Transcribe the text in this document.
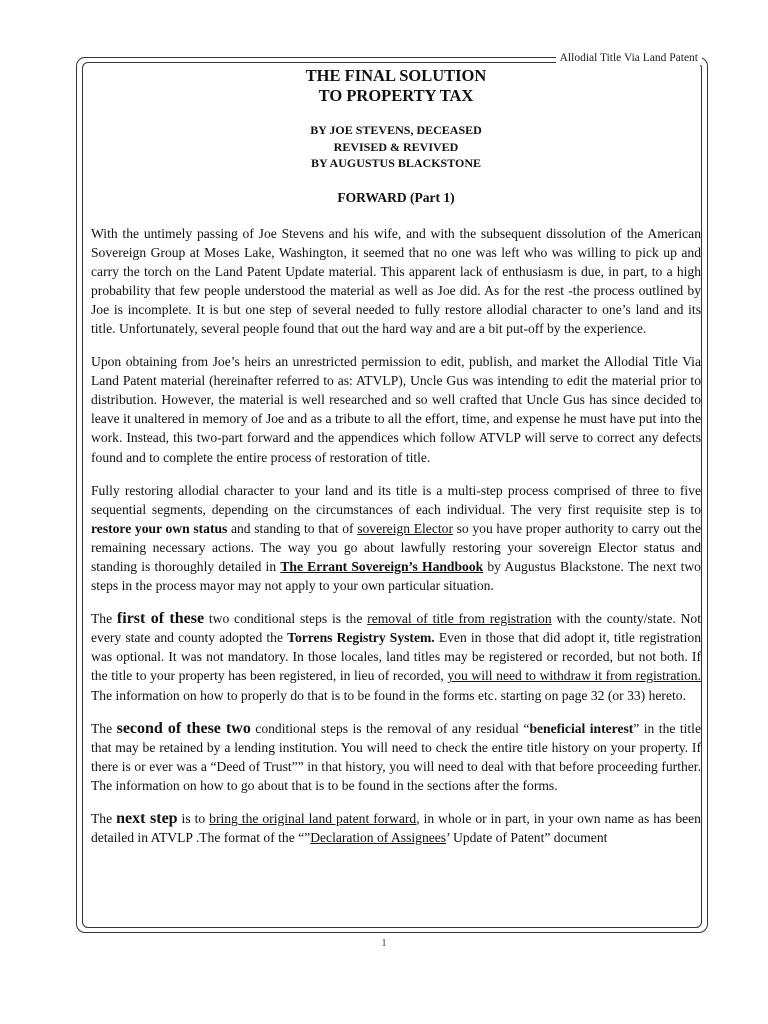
Allodial Title Via Land Patent
THE FINAL SOLUTION
TO PROPERTY TAX
BY JOE STEVENS, DECEASED
REVISED & REVIVED
BY AUGUSTUS BLACKSTONE
FORWARD (Part 1)

With the untimely passing of Joe Stevens and his wife, and with the subsequent dissolution of the American Sovereign Group at Moses Lake, Washington, it seemed that no one was left who was willing to pick up and carry the torch on the Land Patent Update material. This apparent lack of enthusiasm is due, in part, to a high probability that few people understood the material as well as Joe did. As for the rest -the process outlined by Joe is incomplete. It is but one step of several needed to fully restore allodial character to one’s land and its title. Unfortunately, several people found that out the hard way and are a bit put-off by the experience.

Upon obtaining from Joe’s heirs an unrestricted permission to edit, publish, and market the Allodial Title Via Land Patent material (hereinafter referred to as: ATVLP), Uncle Gus was intending to edit the material prior to distribution. However, the material is well researched and so well crafted that Uncle Gus has since decided to leave it unaltered in memory of Joe and as a tribute to all the effort, time, and expense he must have put into the work. Instead, this two-part forward and the appendices which follow ATVLP will serve to correct any defects found and to complete the entire process of restoration of title.

Fully restoring allodial character to your land and its title is a multi-step process comprised of three to five sequential segments, depending on the circumstances of each individual. The very first requisite step is to restore your own status and standing to that of sovereign Elector so you have proper authority to carry out the remaining necessary actions. The way you go about lawfully restoring your sovereign Elector status and standing is thoroughly detailed in The Errant Sovereign’s Handbook by Augustus Blackstone. The next two steps in the process mayor may not apply to your own particular situation.

The first of these two conditional steps is the removal of title from registration with the county/state. Not every state and county adopted the Torrens Registry System. Even in those that did adopt it, title registration was optional. It was not mandatory. In those locales, land titles may be registered or recorded, but not both. If the title to your property has been registered, in lieu of recorded, you will need to withdraw it from registration. The information on how to properly do that is to be found in the forms etc. starting on page 32 (or 33) hereto.

The second of these two conditional steps is the removal of any residual “beneficial interest” in the title that may be retained by a lending institution. You will need to check the entire title history on your property. If there is or ever was a “Deed of Trust”” in that history, you will need to deal with that before proceeding further. The information on how to go about that is to be found in the sections after the forms.

The next step is to bring the original land patent forward, in whole or in part, in your own name as has been detailed in ATVLP .The format of the “”Declaration of Assignees’ Update of Patent” document

1
